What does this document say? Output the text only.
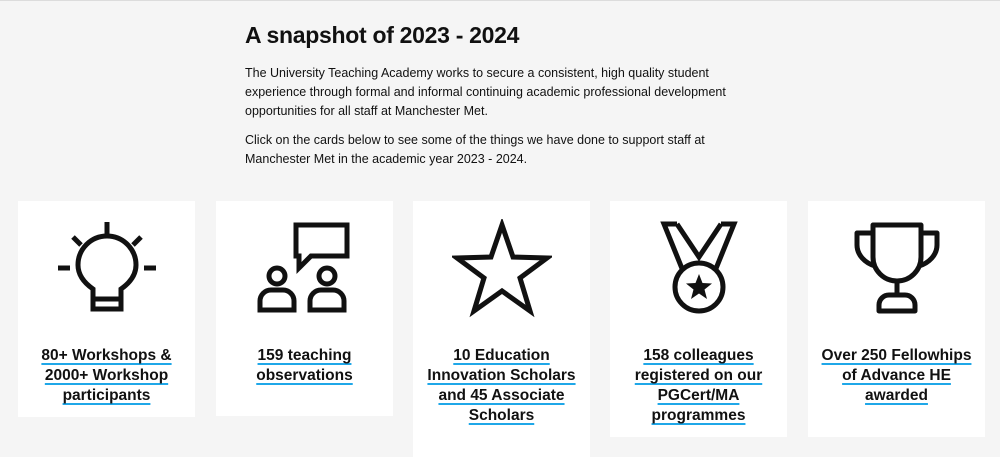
A snapshot of 2023 - 2024

The University Teaching Academy works to secure a consistent, high quality student experience through formal and informal continuing academic professional development opportunities for all staff at Manchester Met.

Click on the cards below to see some of the things we have done to support staff at Manchester Met in the academic year 2023 - 2024.

80+ Workshops & 2000+ Workshop participants
159 teaching observations
10 Education Innovation Scholars and 45 Associate Scholars
158 colleagues registered on our PGCert/MA programmes
Over 250 Fellowhips of Advance HE awarded
